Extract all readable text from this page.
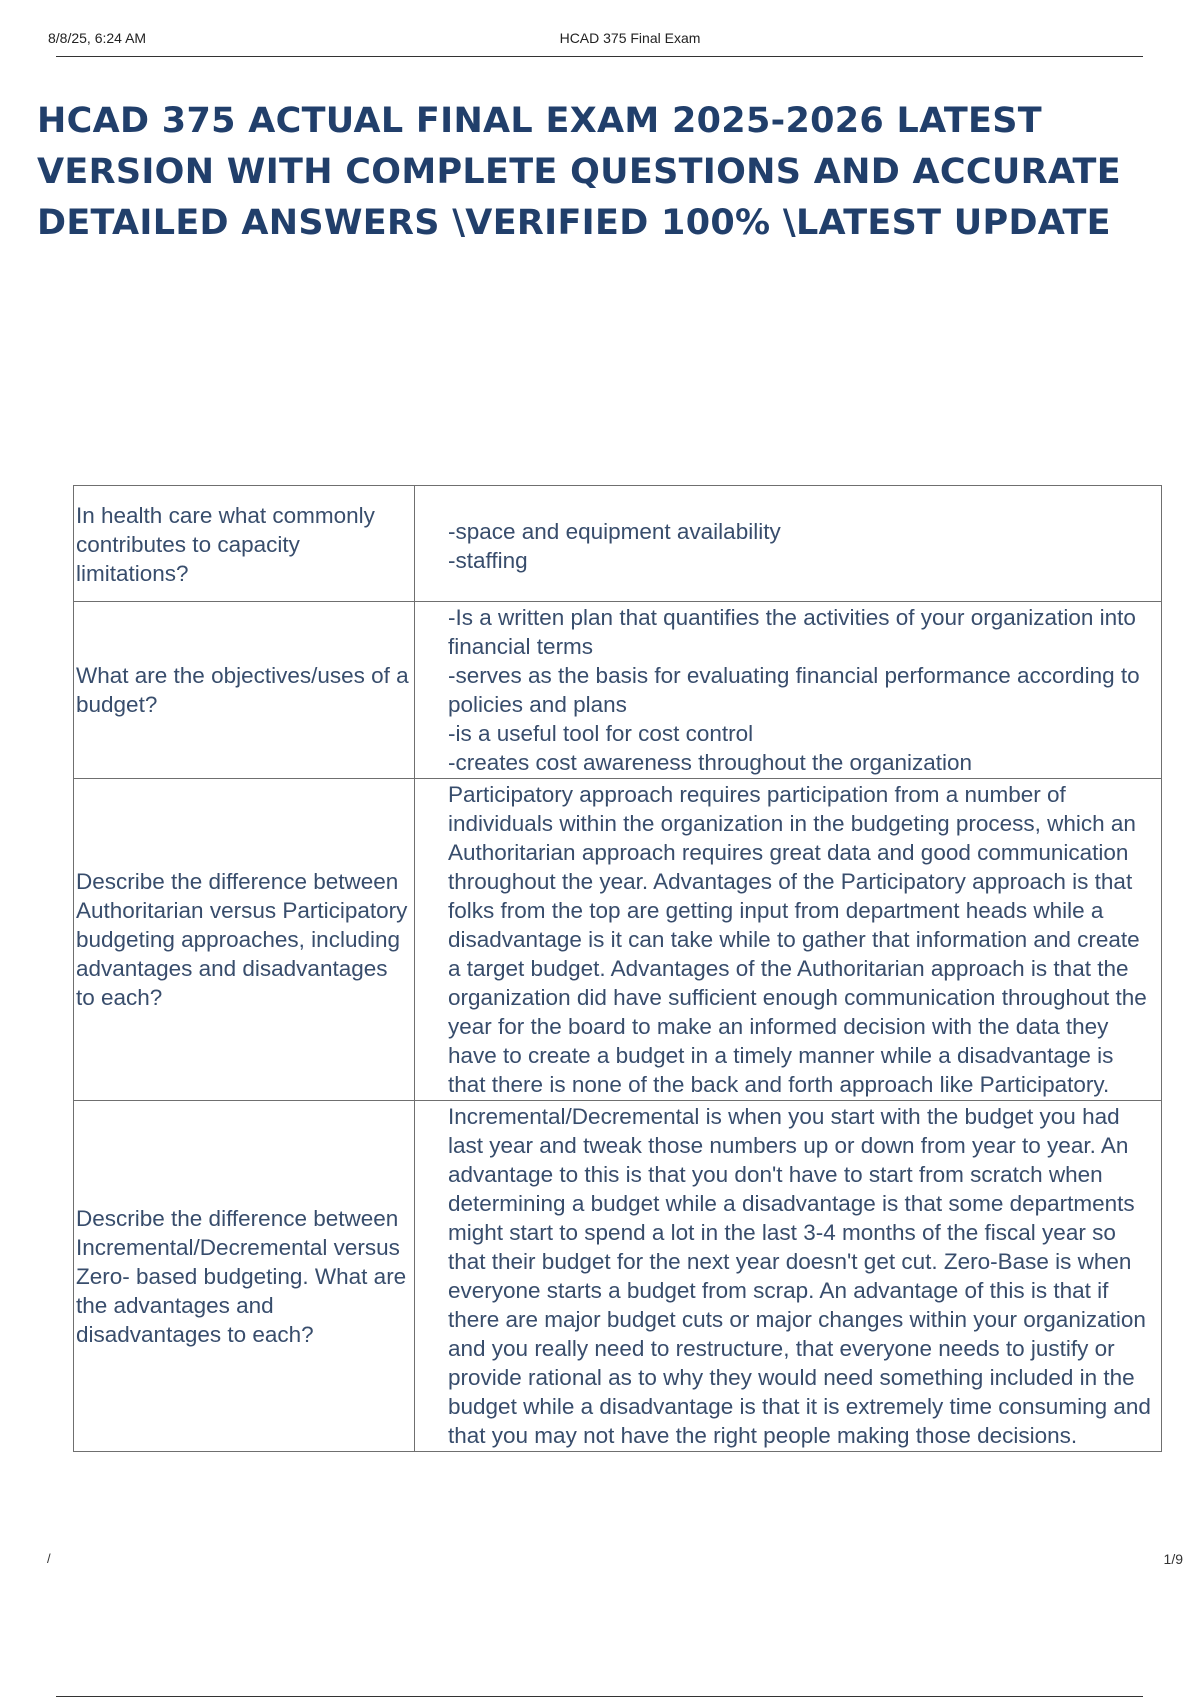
8/8/25, 6:24 AM	HCAD 375 Final Exam
HCAD 375 ACTUAL FINAL EXAM 2025-2026 LATEST VERSION WITH COMPLETE QUESTIONS AND ACCURATE DETAILED ANSWERS \VERIFIED 100% \LATEST UPDATE
In health care what commonly contributes to capacity limitations?	-space and equipment availability
-staffing

What are the objectives/uses of a budget?	-Is a written plan that quantifies the activities of your organization into financial terms
-serves as the basis for evaluating financial performance according to policies and plans
-is a useful tool for cost control
-creates cost awareness throughout the organization

Describe the difference between Authoritarian versus Participatory budgeting approaches, including advantages and disadvantages to each?	Participatory approach requires participation from a number of individuals within the organization in the budgeting process, which an Authoritarian approach requires great data and good communication throughout the year. Advantages of the Participatory approach is that folks from the top are getting input from department heads while a disadvantage is it can take while to gather that information and create a target budget. Advantages of the Authoritarian approach is that the organization did have sufficient enough communication throughout the year for the board to make an informed decision with the data they have to create a budget in a timely manner while a disadvantage is that there is none of the back and forth approach like Participatory.

Describe the difference between Incremental/Decremental versus Zero- based budgeting. What are the advantages and disadvantages to each?	Incremental/Decremental is when you start with the budget you had last year and tweak those numbers up or down from year to year. An advantage to this is that you don't have to start from scratch when determining a budget while a disadvantage is that some departments might start to spend a lot in the last 3-4 months of the fiscal year so that their budget for the next year doesn't get cut. Zero-Base is when everyone starts a budget from scrap. An advantage of this is that if there are major budget cuts or major changes within your organization and you really need to restructure, that everyone needs to justify or provide rational as to why they would need something included in the budget while a disadvantage is that it is extremely time consuming and that you may not have the right people making those decisions.
/	1/9
